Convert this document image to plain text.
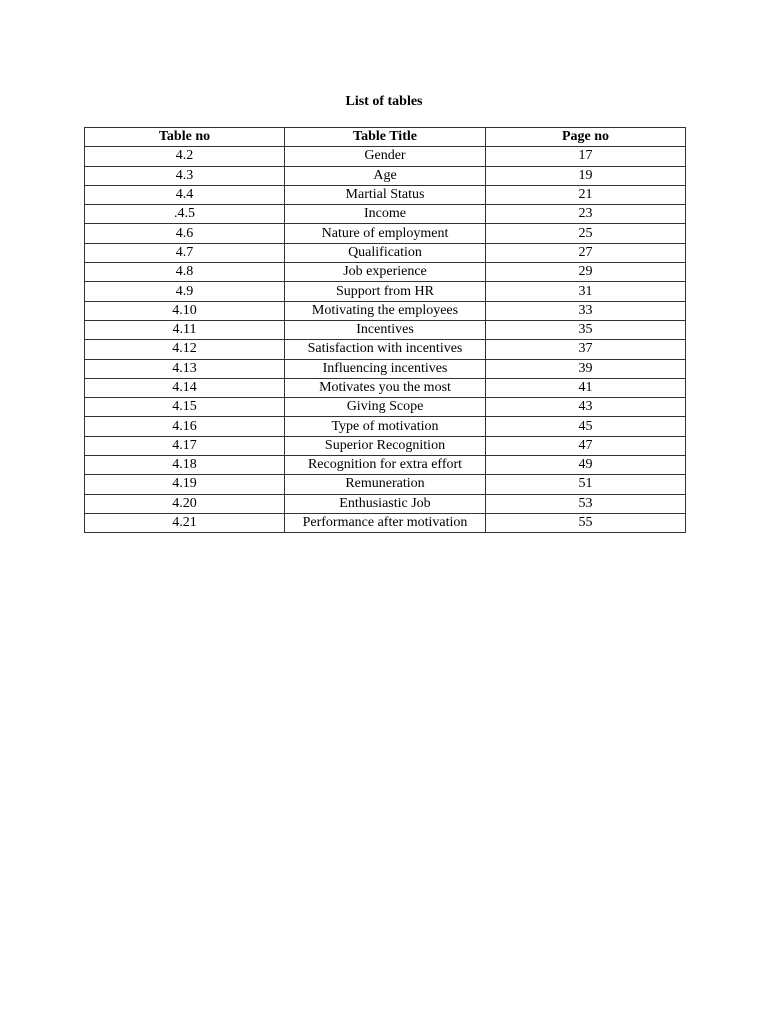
List of tables
Table no	Table Title	Page no
4.2	Gender	17
4.3	Age	19
4.4	Martial Status	21
.4.5	Income	23
4.6	Nature of employment	25
4.7	Qualification	27
4.8	Job experience	29
4.9	Support from HR	31
4.10	Motivating the employees	33
4.11	Incentives	35
4.12	Satisfaction with incentives	37
4.13	Influencing incentives	39
4.14	Motivates you the most	41
4.15	Giving Scope	43
4.16	Type of motivation	45
4.17	Superior Recognition	47
4.18	Recognition for extra effort	49
4.19	Remuneration	51
4.20	Enthusiastic Job	53
4.21	Performance after motivation	55
